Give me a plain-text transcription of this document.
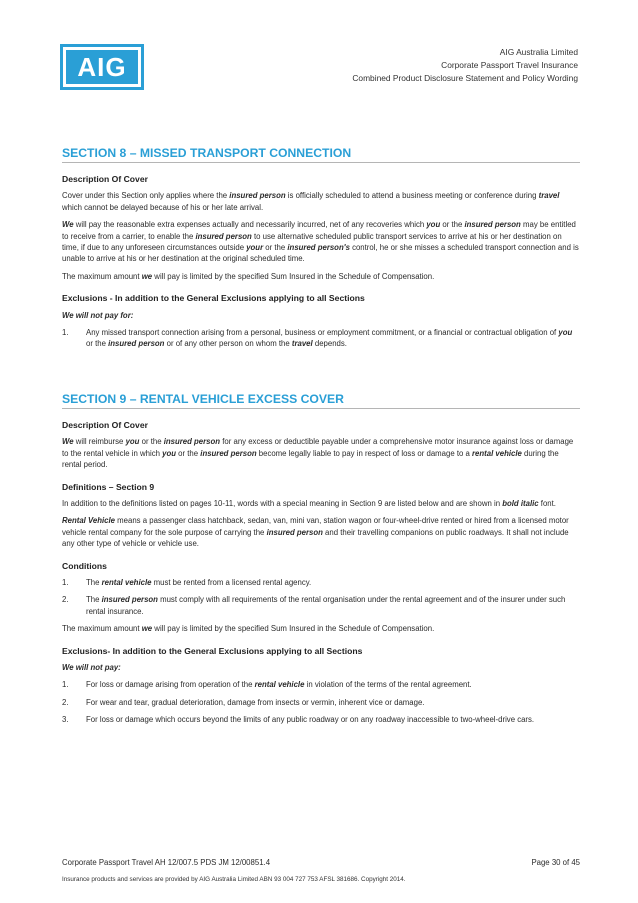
AIG	AIG Australia Limited
Corporate Passport Travel Insurance
Combined Product Disclosure Statement and Policy Wording
SECTION 8 – MISSED TRANSPORT CONNECTION
Description Of Cover
Cover under this Section only applies where the insured person is officially scheduled to attend a business meeting or conference during travel which cannot be delayed because of his or her late arrival.
We will pay the reasonable extra expenses actually and necessarily incurred, net of any recoveries which you or the insured person may be entitled to receive from a carrier, to enable the insured person to use alternative scheduled public transport services to arrive at his or her destination on time, if due to any unforeseen circumstances outside your or the insured person's control, he or she misses a scheduled transport connection and is unable to arrive at his or her destination at the original scheduled time.
The maximum amount we will pay is limited by the specified Sum Insured in the Schedule of Compensation.
Exclusions - In addition to the General Exclusions applying to all Sections
We will not pay for:
1.	Any missed transport connection arising from a personal, business or employment commitment, or a financial or contractual obligation of you or the insured person or of any other person on whom the travel depends.
SECTION 9 – RENTAL VEHICLE EXCESS COVER
Description Of Cover
We will reimburse you or the insured person for any excess or deductible payable under a comprehensive motor insurance against loss or damage to the rental vehicle in which you or the insured person become legally liable to pay in respect of loss or damage to a rental vehicle during the rental period.
Definitions – Section 9
In addition to the definitions listed on pages 10-11, words with a special meaning in Section 9 are listed below and are shown in bold italic font.
Rental Vehicle means a passenger class hatchback, sedan, van, mini van, station wagon or four-wheel-drive rented or hired from a licensed motor vehicle rental company for the sole purpose of carrying the insured person and their travelling companions on public roadways. It shall not include any other type of vehicle or vehicle use.
Conditions
1.	The rental vehicle must be rented from a licensed rental agency.
2.	The insured person must comply with all requirements of the rental organisation under the rental agreement and of the insurer under such rental insurance.
The maximum amount we will pay is limited by the specified Sum Insured in the Schedule of Compensation.
Exclusions- In addition to the General Exclusions applying to all Sections
We will not pay:
1.	For loss or damage arising from operation of the rental vehicle in violation of the terms of the rental agreement.
2.	For wear and tear, gradual deterioration, damage from insects or vermin, inherent vice or damage.
3.	For loss or damage which occurs beyond the limits of any public roadway or on any roadway inaccessible to two-wheel-drive cars.
Corporate Passport Travel AH 12/007.5 PDS JM 12/00851.4	Page 30 of 45
Insurance products and services are provided by AIG Australia Limited ABN 93 004 727 753 AFSL 381686. Copyright 2014.
